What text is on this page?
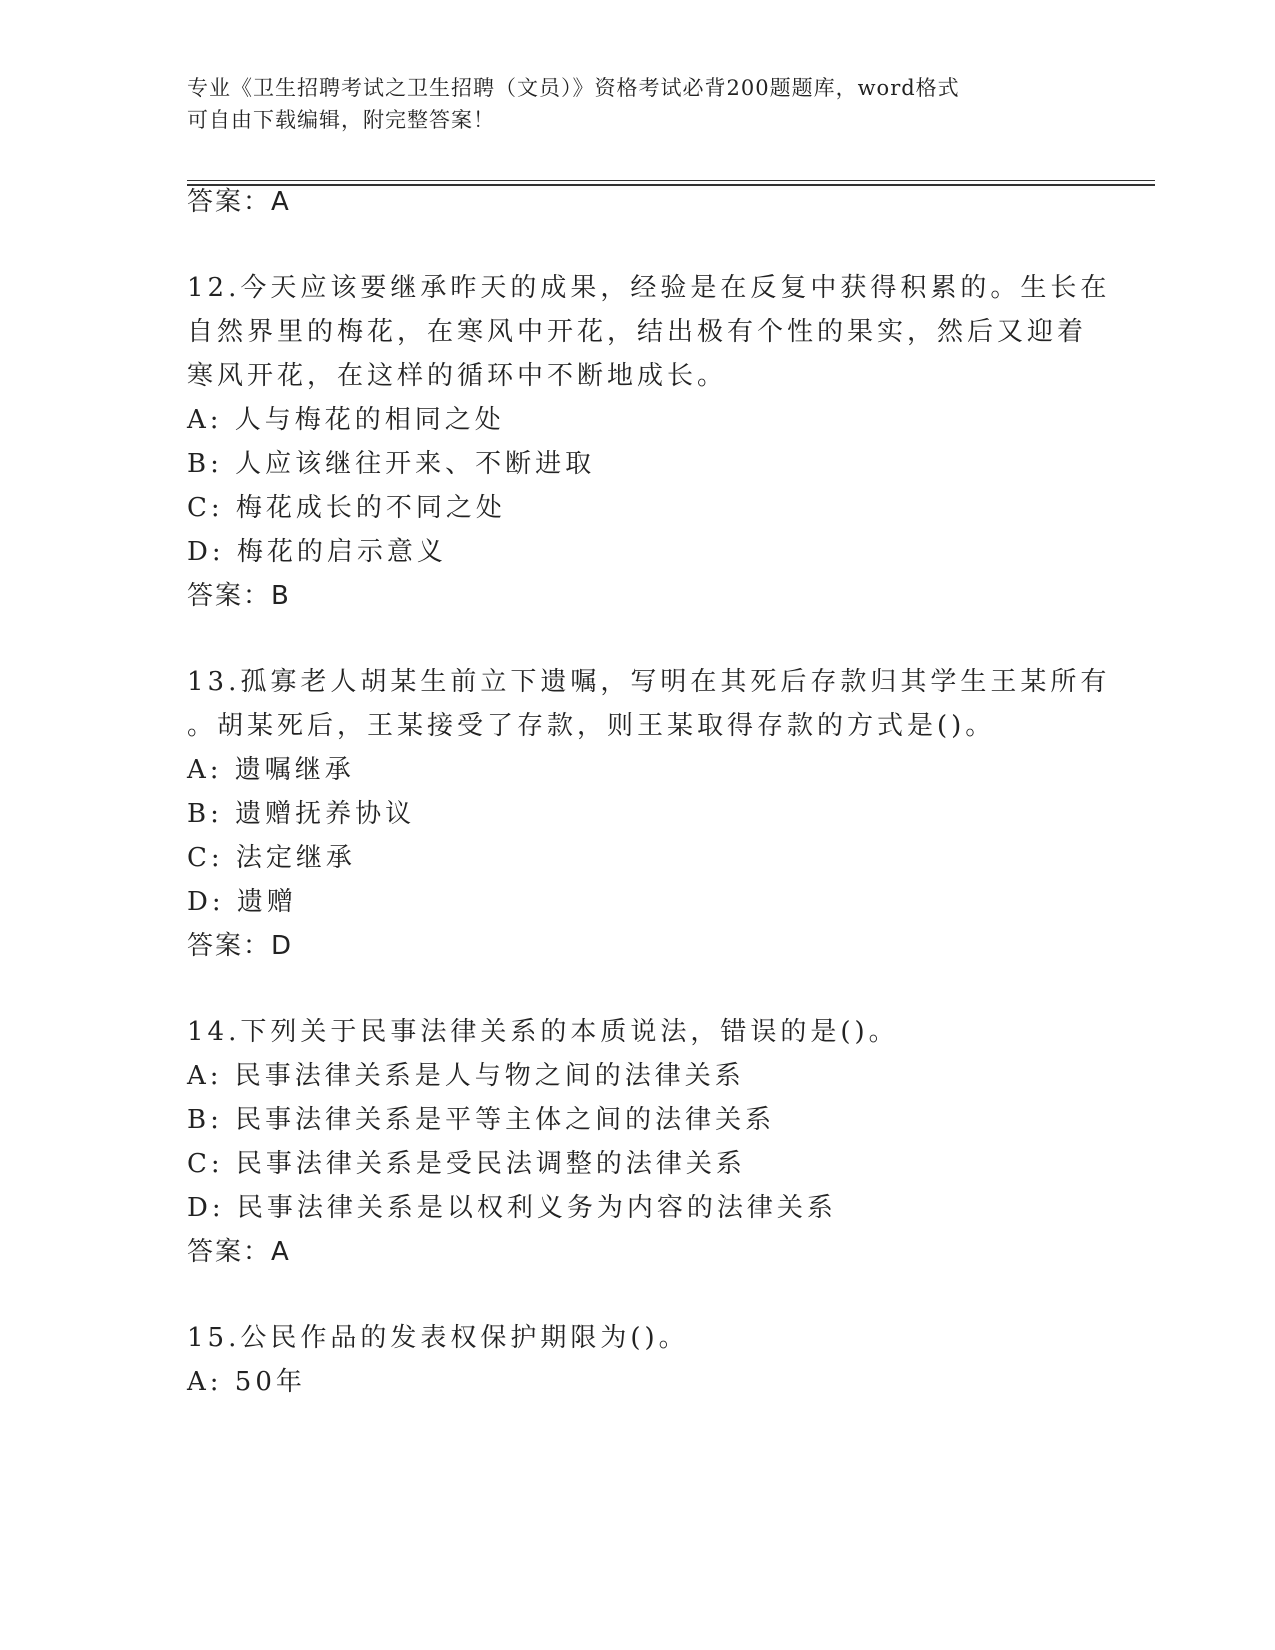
专业《卫生招聘考试之卫生招聘（文员）》资格考试必背200题题库，word格式
可自由下载编辑，附完整答案！
答案：A
12.今天应该要继承昨天的成果，经验是在反复中获得积累的。生长在
自然界里的梅花，在寒风中开花，结出极有个性的果实，然后又迎着
寒风开花，在这样的循环中不断地成长。
A: 人与梅花的相同之处
B: 人应该继往开来、不断进取
C: 梅花成长的不同之处
D: 梅花的启示意义
答案：B
13.孤寡老人胡某生前立下遗嘱，写明在其死后存款归其学生王某所有
。胡某死后，王某接受了存款，则王某取得存款的方式是()。
A: 遗嘱继承
B: 遗赠抚养协议
C: 法定继承
D: 遗赠
答案：D
14.下列关于民事法律关系的本质说法，错误的是()。
A: 民事法律关系是人与物之间的法律关系
B: 民事法律关系是平等主体之间的法律关系
C: 民事法律关系是受民法调整的法律关系
D: 民事法律关系是以权利义务为内容的法律关系
答案：A
15.公民作品的发表权保护期限为()。
A: 50年
